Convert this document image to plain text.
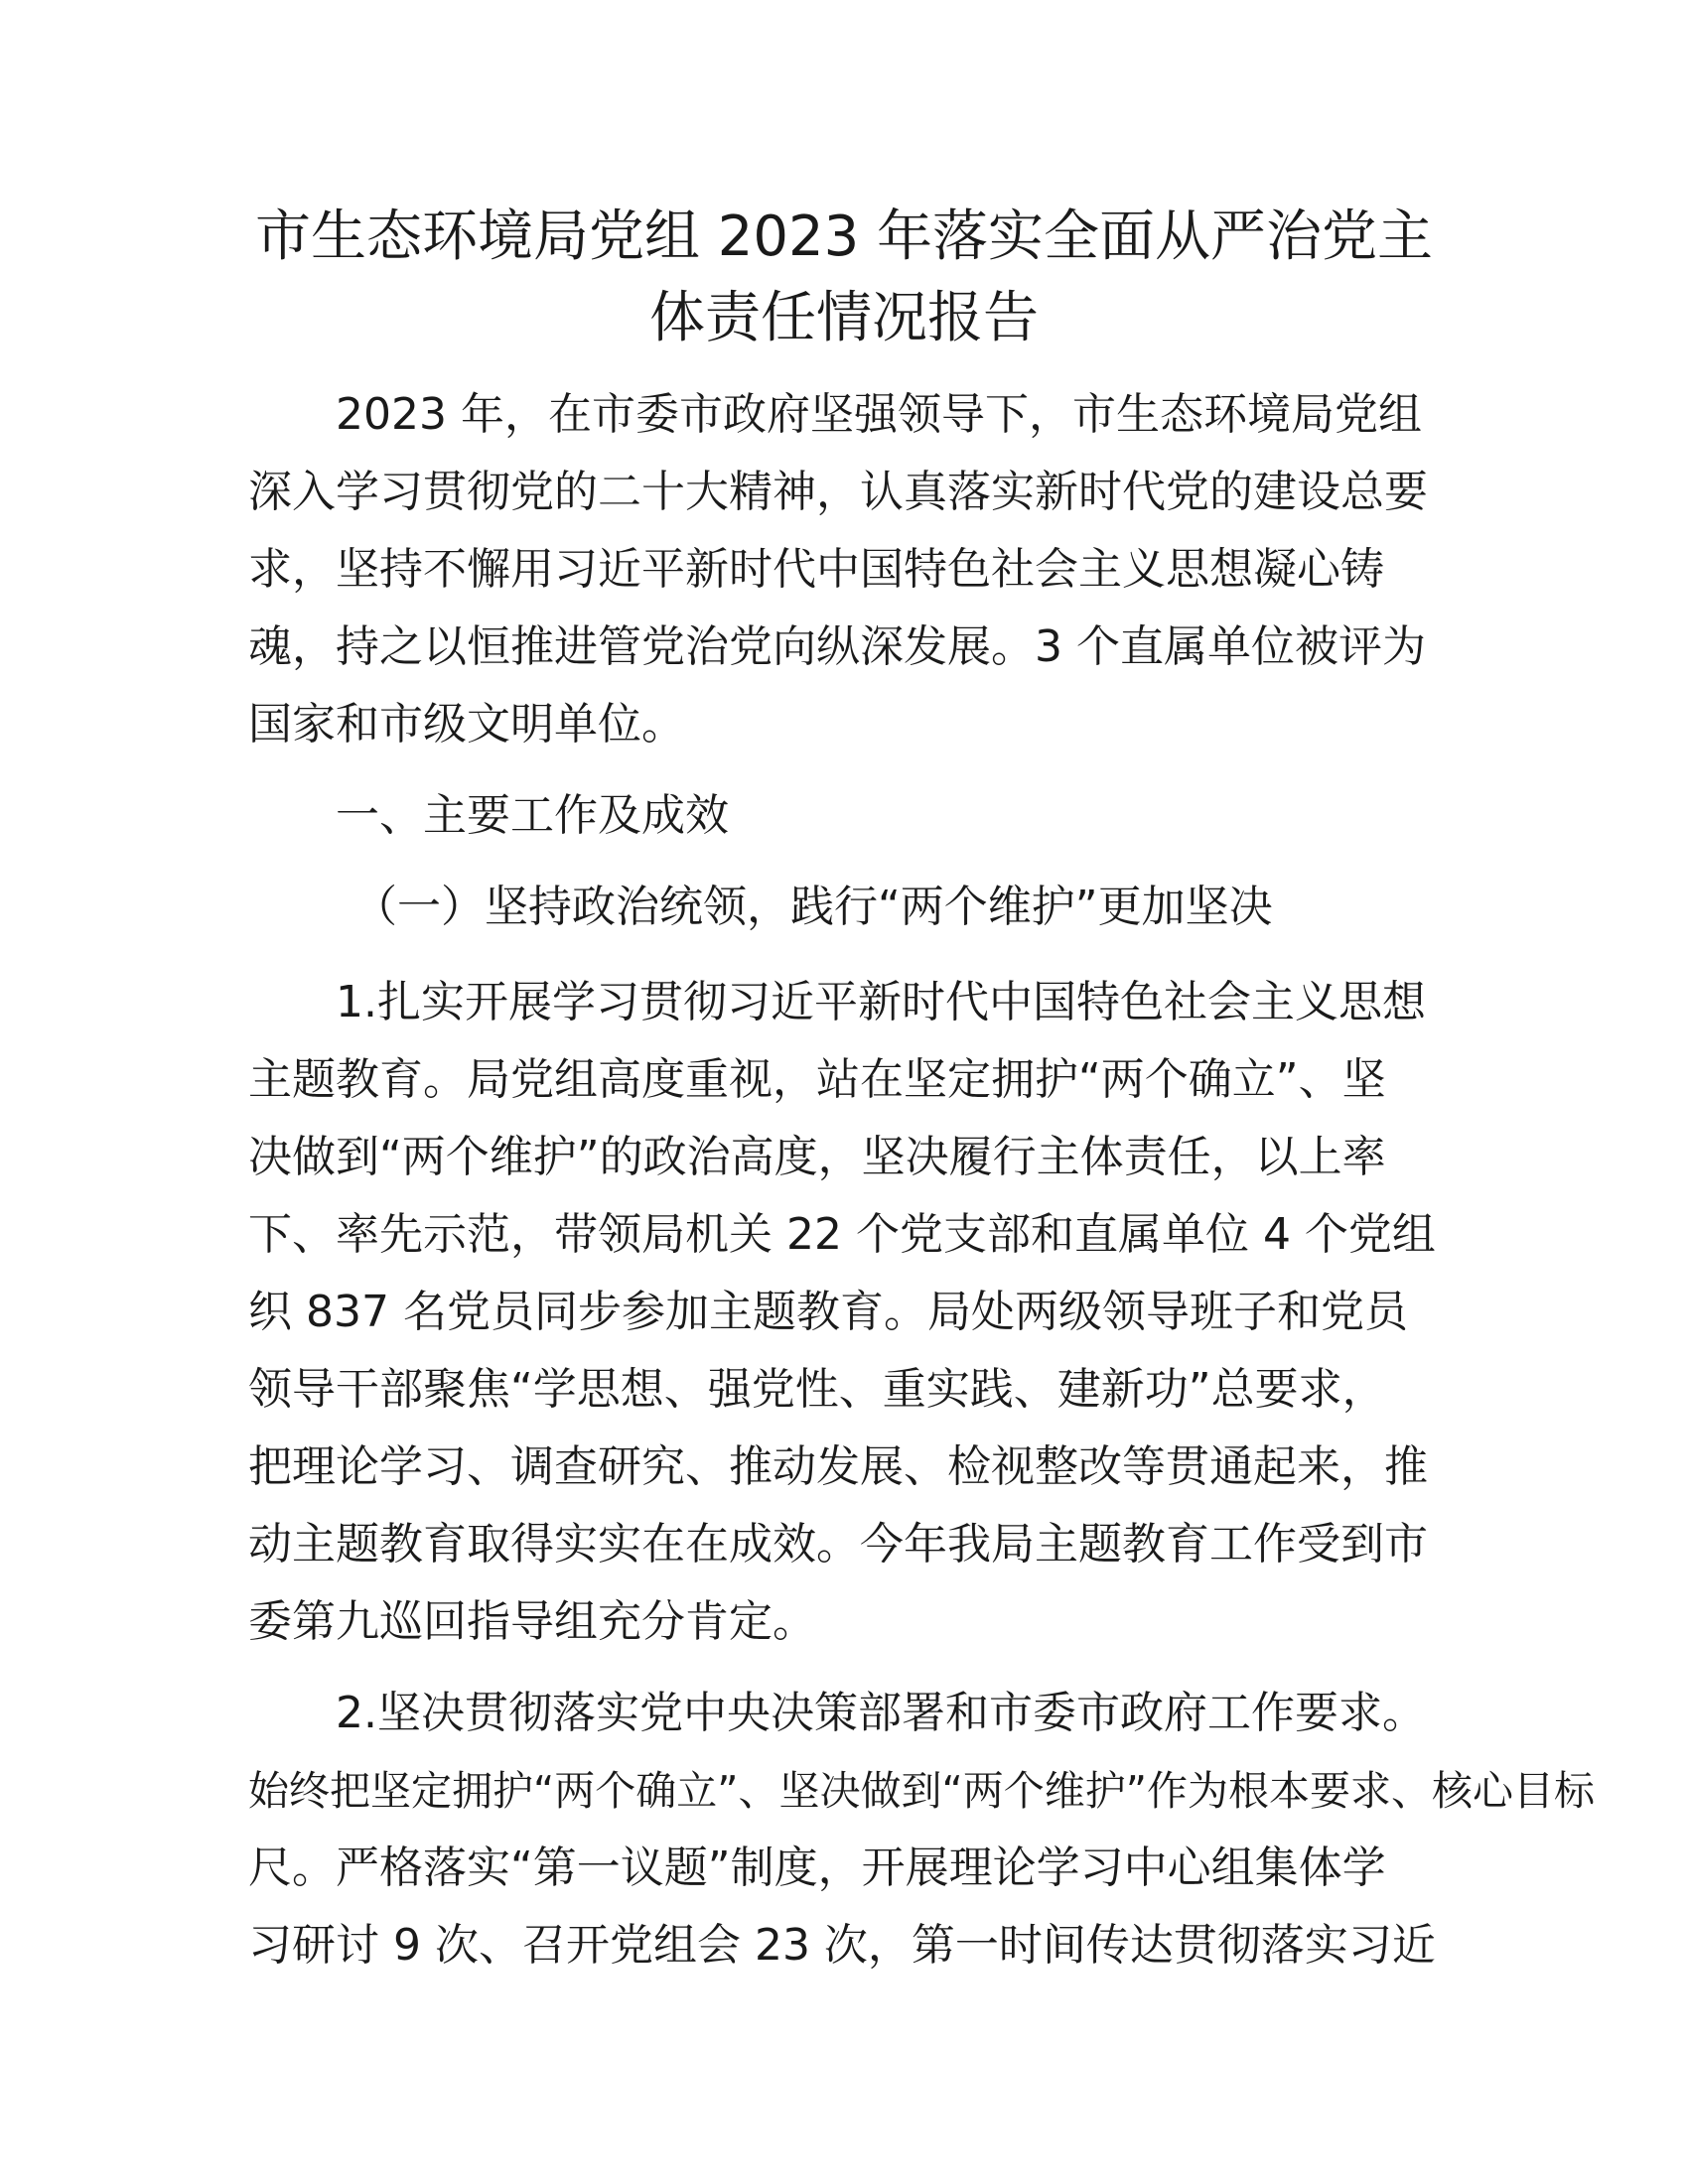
市生态环境局党组 2023 年落实全面从严治党主
体责任情况报告

2023 年，在市委市政府坚强领导下，市生态环境局党组

深入学习贯彻党的二十大精神，认真落实新时代党的建设总要

求，坚持不懈用习近平新时代中国特色社会主义思想凝心铸

魂，持之以恒推进管党治党向纵深发展。3 个直属单位被评为

国家和市级文明单位。

一、主要工作及成效

（一）坚持政治统领，践行“两个维护”更加坚决

1.扎实开展学习贯彻习近平新时代中国特色社会主义思想

主题教育。局党组高度重视，站在坚定拥护“两个确立”、坚

决做到“两个维护”的政治高度，坚决履行主体责任，以上率

下、率先示范，带领局机关 22 个党支部和直属单位 4 个党组

织 837 名党员同步参加主题教育。局处两级领导班子和党员

领导干部聚焦“学思想、强党性、重实践、建新功”总要求，

把理论学习、调查研究、推动发展、检视整改等贯通起来，推

动主题教育取得实实在在成效。今年我局主题教育工作受到市

委第九巡回指导组充分肯定。

2.坚决贯彻落实党中央决策部署和市委市政府工作要求。

始终把坚定拥护“两个确立”、坚决做到“两个维护”作为根本要求、核心目标

尺。严格落实“第一议题”制度，开展理论学习中心组集体学

习研讨 9 次、召开党组会 23 次，第一时间传达贯彻落实习近
